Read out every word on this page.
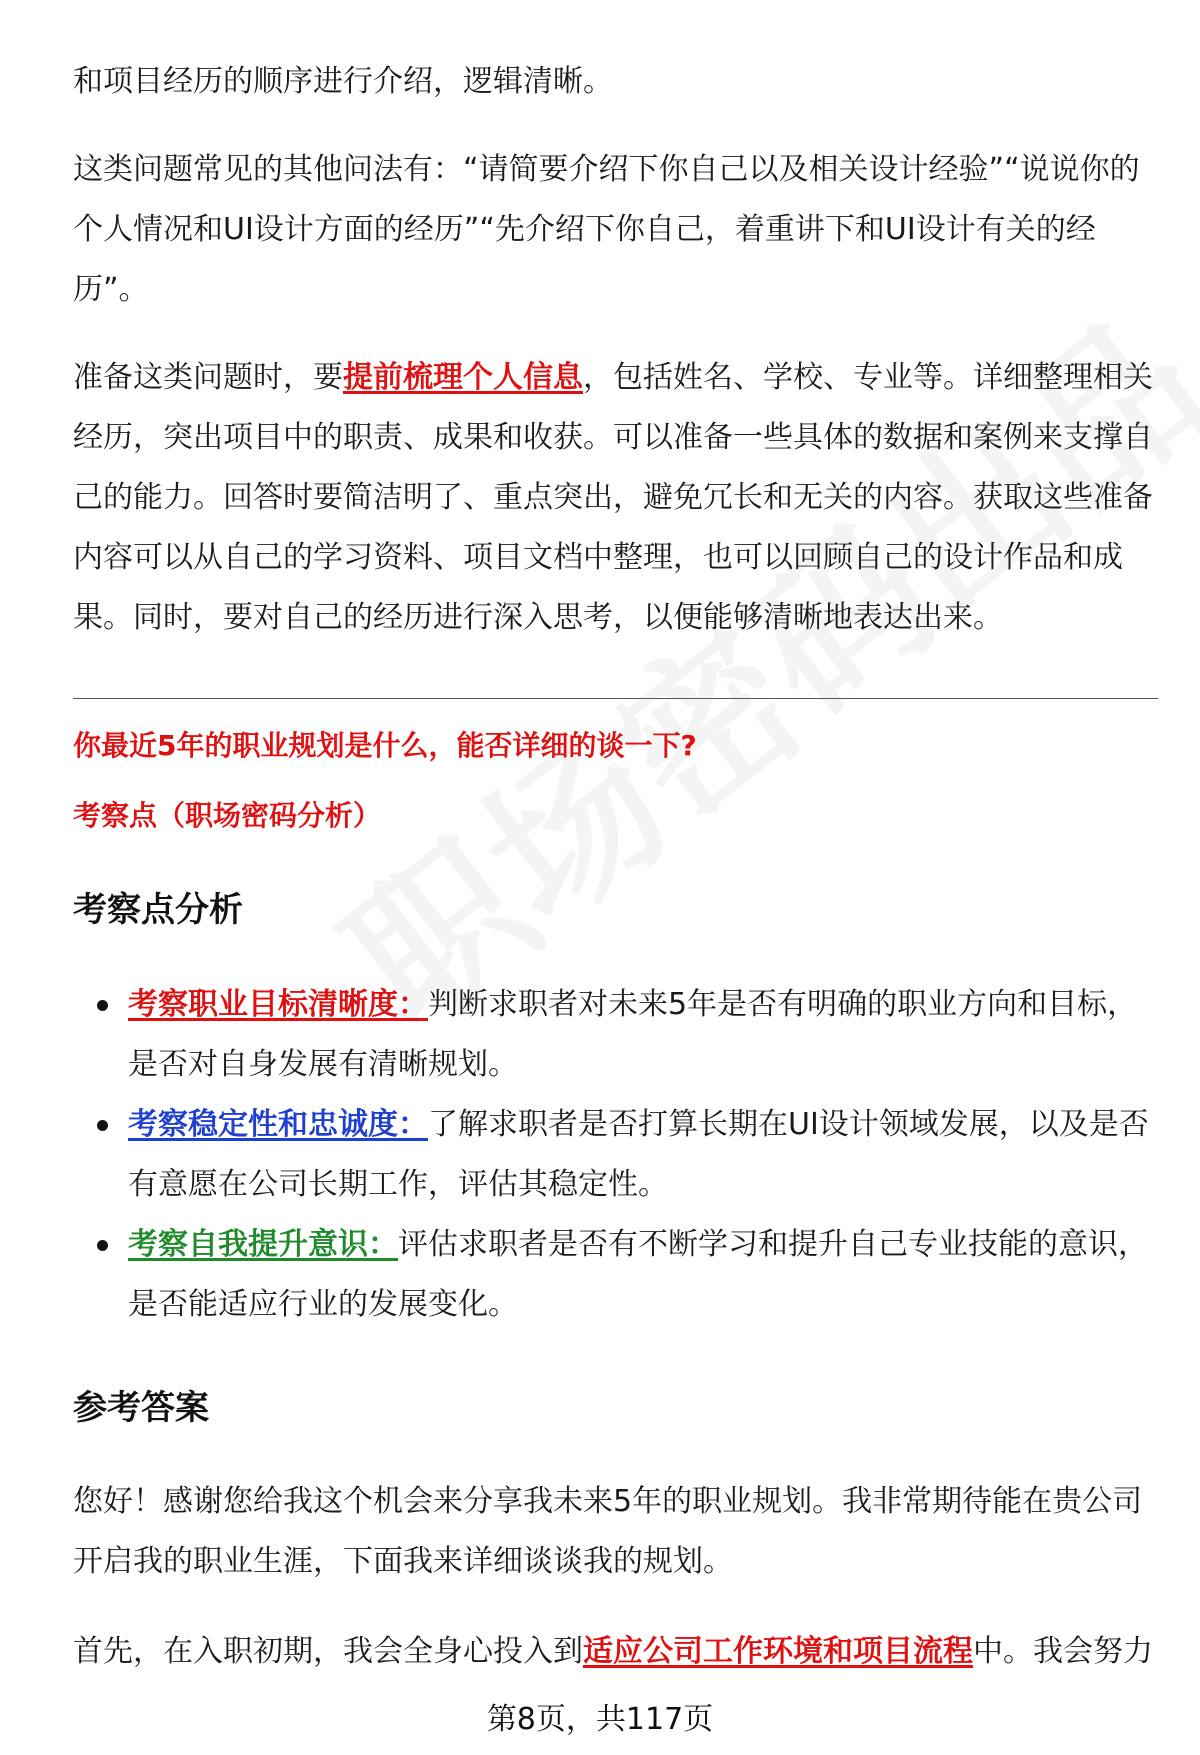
和项目经历的顺序进行介绍，逻辑清晰。

这类问题常见的其他问法有：“请简要介绍下你自己以及相关设计经验”“说说你的个人情况和UI设计方面的经历”“先介绍下你自己，着重讲下和UI设计有关的经历”。

准备这类问题时，要提前梳理个人信息，包括姓名、学校、专业等。详细整理相关经历，突出项目中的职责、成果和收获。可以准备一些具体的数据和案例来支撑自己的能力。回答时要简洁明了、重点突出，避免冗长和无关的内容。获取这些准备内容可以从自己的学习资料、项目文档中整理，也可以回顾自己的设计作品和成果。同时，要对自己的经历进行深入思考，以便能够清晰地表达出来。

你最近5年的职业规划是什么，能否详细的谈一下?
考察点（职场密码分析）
考察点分析
考察职业目标清晰度：判断求职者对未来5年是否有明确的职业方向和目标，是否对自身发展有清晰规划。
考察稳定性和忠诚度：了解求职者是否打算长期在UI设计领域发展，以及是否有意愿在公司长期工作，评估其稳定性。
考察自我提升意识：评估求职者是否有不断学习和提升自己专业技能的意识，是否能适应行业的发展变化。
参考答案

您好！感谢您给我这个机会来分享我未来5年的职业规划。我非常期待能在贵公司开启我的职业生涯，下面我来详细谈谈我的规划。

首先，在入职初期，我会全身心投入到适应公司工作环境和项目流程中。我会努力

第8页，共117页
